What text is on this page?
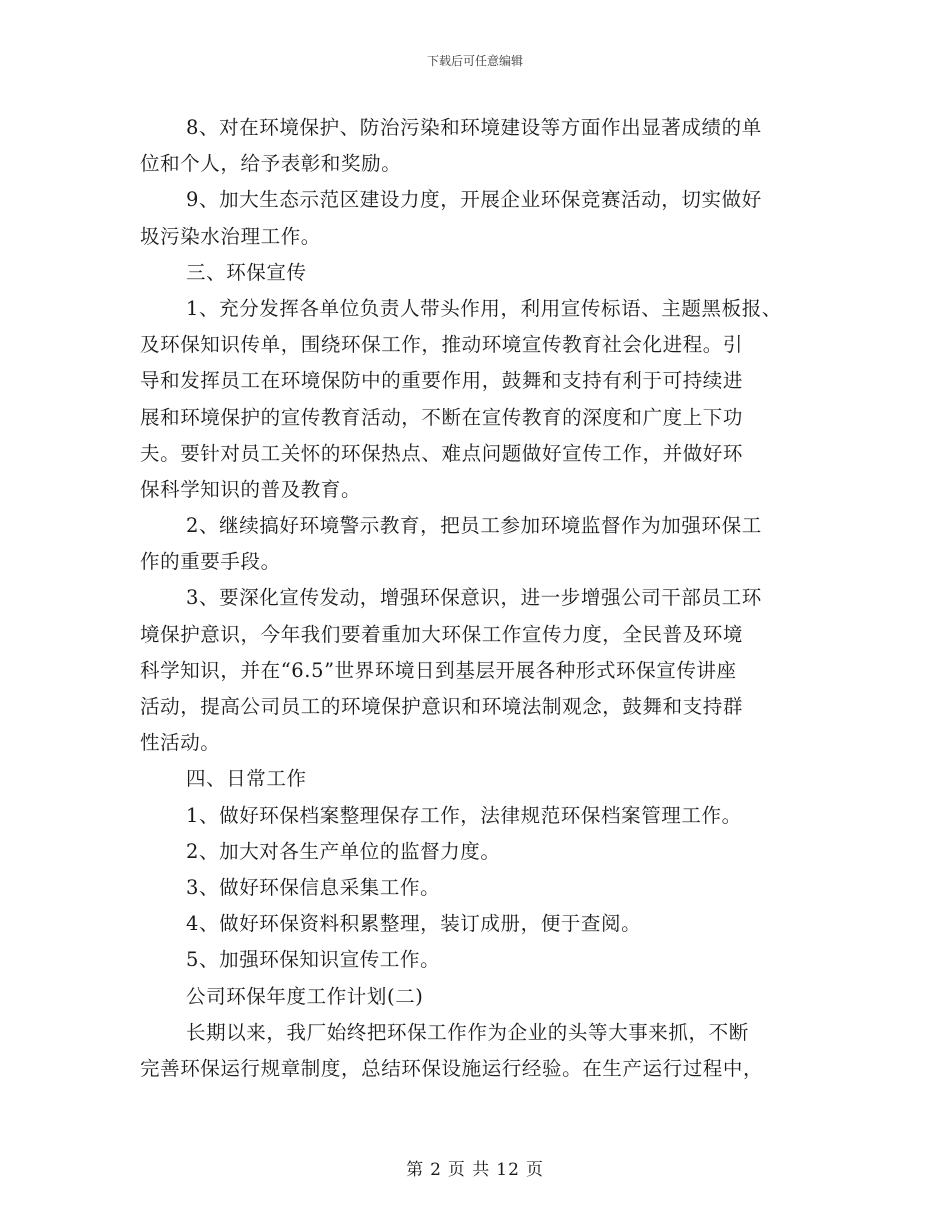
下载后可任意编辑
8、对在环境保护、防治污染和环境建设等方面作出显著成绩的单
位和个人，给予表彰和奖励。
9、加大生态示范区建设力度，开展企业环保竞赛活动，切实做好
圾污染水治理工作。
三、环保宣传
1、充分发挥各单位负责人带头作用，利用宣传标语、主题黑板报、
及环保知识传单，围绕环保工作，推动环境宣传教育社会化进程。引
导和发挥员工在环境保防中的重要作用，鼓舞和支持有利于可持续进
展和环境保护的宣传教育活动，不断在宣传教育的深度和广度上下功
夫。要针对员工关怀的环保热点、难点问题做好宣传工作，并做好环
保科学知识的普及教育。
2、继续搞好环境警示教育，把员工参加环境监督作为加强环保工
作的重要手段。
3、要深化宣传发动，增强环保意识，进一步增强公司干部员工环
境保护意识，今年我们要着重加大环保工作宣传力度，全民普及环境
科学知识，并在“6.5”世界环境日到基层开展各种形式环保宣传讲座
活动，提高公司员工的环境保护意识和环境法制观念，鼓舞和支持群
性活动。
四、日常工作
1、做好环保档案整理保存工作，法律规范环保档案管理工作。
2、加大对各生产单位的监督力度。
3、做好环保信息采集工作。
4、做好环保资料积累整理，装订成册，便于查阅。
5、加强环保知识宣传工作。
公司环保年度工作计划(二)
长期以来，我厂始终把环保工作作为企业的头等大事来抓，不断
完善环保运行规章制度，总结环保设施运行经验。在生产运行过程中，
第 2 页 共 12 页
